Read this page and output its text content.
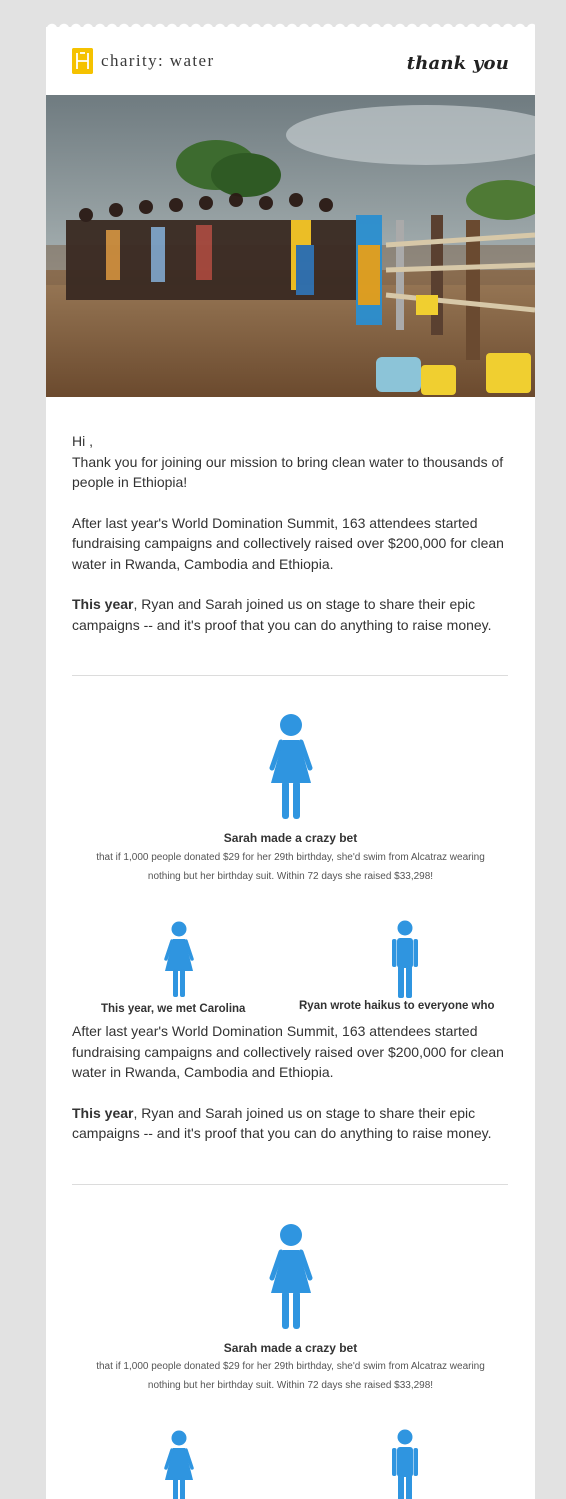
charity: water	thank you
Hi ,

Thank you for joining our mission to bring clean water to thousands of people in Ethiopia!

After last year's World Domination Summit, 163 attendees started fundraising campaigns and collectively raised over $200,000 for clean water in Rwanda, Cambodia and Ethiopia.

This year, Ryan and Sarah joined us on stage to share their epic campaigns -- and it's proof that you can do anything to raise money.

Sarah made a crazy bet
that if 1,000 people donated $29 for her 29th birthday, she'd swim from Alcatraz wearing nothing but her birthday suit. Within 72 days she raised $33,298!
This year, we met Carolina	Ryan wrote haikus to everyone who

After last year's World Domination Summit, 163 attendees started fundraising campaigns and collectively raised over $200,000 for clean water in Rwanda, Cambodia and Ethiopia.

This year, Ryan and Sarah joined us on stage to share their epic campaigns -- and it's proof that you can do anything to raise money.

Sarah made a crazy bet
that if 1,000 people donated $29 for her 29th birthday, she'd swim from Alcatraz wearing nothing but her birthday suit. Within 72 days she raised $33,298!
